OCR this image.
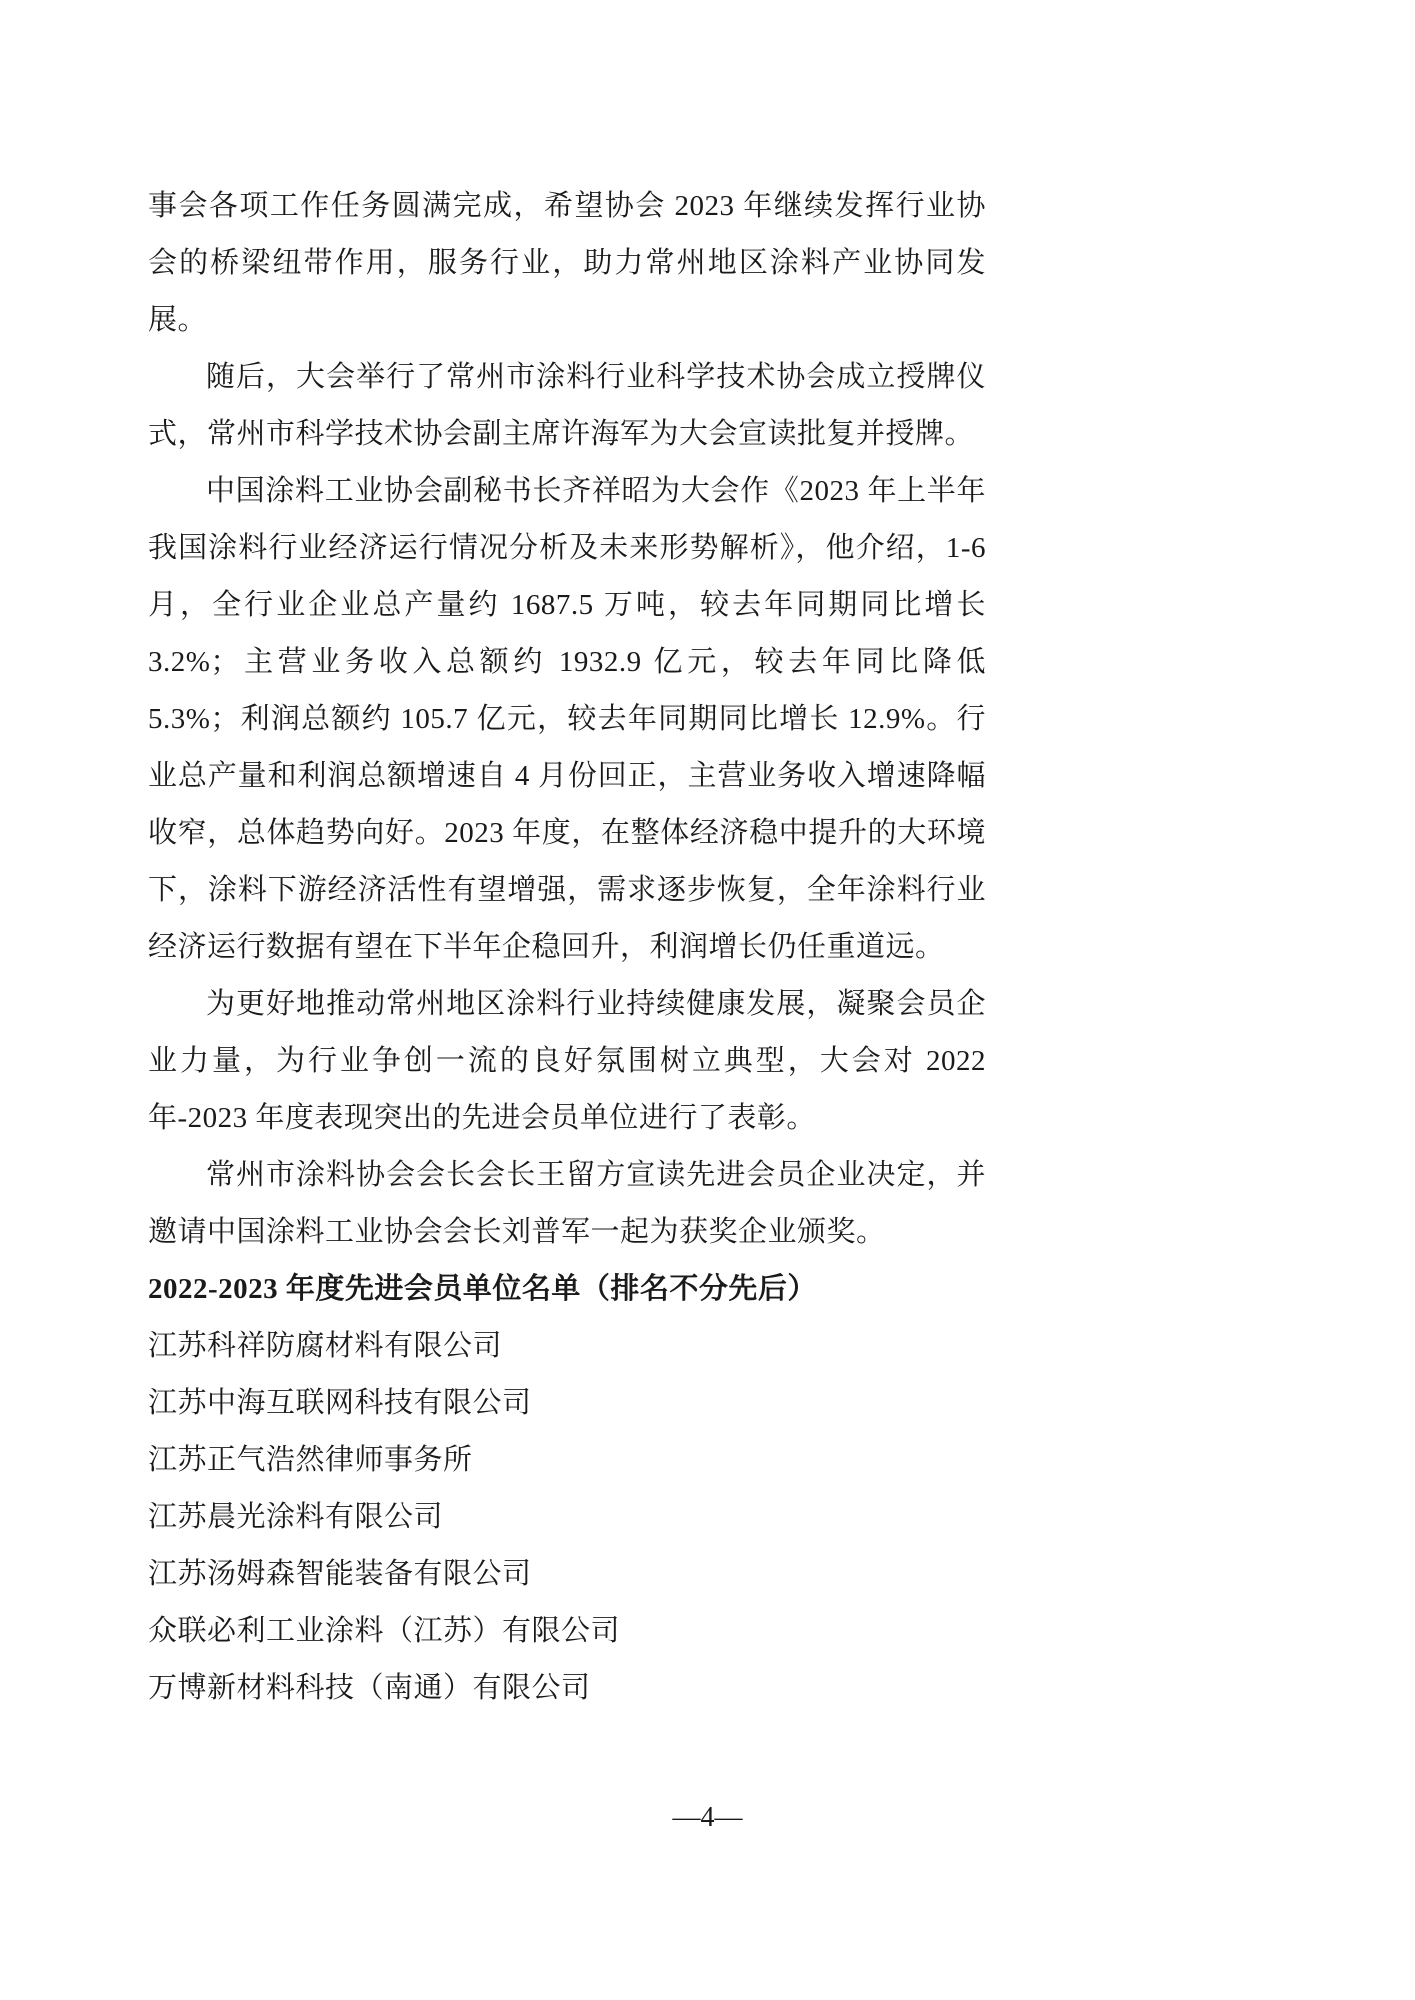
事会各项工作任务圆满完成，希望协会 2023 年继续发挥行业协会的桥梁纽带作用，服务行业，助力常州地区涂料产业协同发展。

随后，大会举行了常州市涂料行业科学技术协会成立授牌仪式，常州市科学技术协会副主席许海军为大会宣读批复并授牌。

中国涂料工业协会副秘书长齐祥昭为大会作《2023 年上半年我国涂料行业经济运行情况分析及未来形势解析》，他介绍，1-6 月，全行业企业总产量约 1687.5 万吨，较去年同期同比增长 3.2%；主营业务收入总额约 1932.9 亿元，较去年同比降低 5.3%；利润总额约 105.7 亿元，较去年同期同比增长 12.9%。行业总产量和利润总额增速自 4 月份回正，主营业务收入增速降幅收窄，总体趋势向好。2023 年度，在整体经济稳中提升的大环境下，涂料下游经济活性有望增强，需求逐步恢复，全年涂料行业经济运行数据有望在下半年企稳回升，利润增长仍任重道远。

为更好地推动常州地区涂料行业持续健康发展，凝聚会员企业力量，为行业争创一流的良好氛围树立典型，大会对 2022 年-2023 年度表现突出的先进会员单位进行了表彰。

常州市涂料协会会长会长王留方宣读先进会员企业决定，并邀请中国涂料工业协会会长刘普军一起为获奖企业颁奖。

2022-2023 年度先进会员单位名单（排名不分先后）

江苏科祥防腐材料有限公司

江苏中海互联网科技有限公司

江苏正气浩然律师事务所

江苏晨光涂料有限公司

江苏汤姆森智能装备有限公司

众联必利工业涂料（江苏）有限公司

万博新材料科技（南通）有限公司

—4—
